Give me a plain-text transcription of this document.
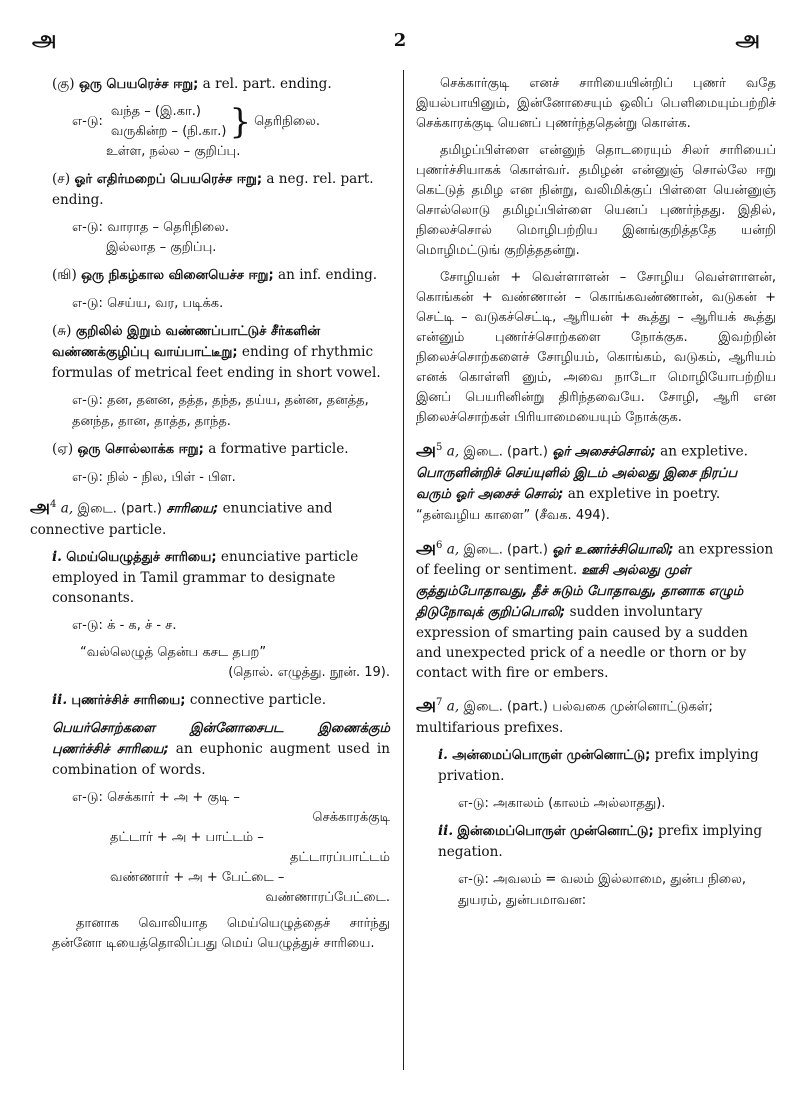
அ	2	அ

(கு) ஒரு பெயரெச்ச ஈறு; a rel. part. ending.

எ-டு:
வந்த – (இ.கா.)
வருகின்ற – (நி.கா.) } தெரிநிலை.

உள்ள, நல்ல – குறிப்பு.

(ச) ஓர் எதிர்மறைப் பெயரெச்ச ஈறு; a neg. rel. part. ending.

எ-டு: வாராத – தெரிநிலை.

இல்லாத – குறிப்பு.

(ஙி) ஒரு நிகழ்கால வினையெச்ச ஈறு; an inf. ending.

எ-டு: செய்ய, வர, படிக்க.

(சு) குறிலில் இறும் வண்ணப்பாட்டுச் சீர்களின் வண்ணக்குழிப்பு வாய்பாட்டீறு; ending of rhythmic formulas of metrical feet ending in short vowel.

எ-டு: தன, தனன, தத்த, தந்த, தய்ய, தன்ன, தனத்த, தனந்த, தான, தாத்த, தாந்த.

(ஏ) ஒரு சொல்லாக்க ஈறு; a formative particle.

எ-டு: நில் - நில, பிள் - பிள.

அ$^4$ a, இடை. (part.) சாரியை; enunciative and connective particle.

i. மெய்யெழுத்துச் சாரியை; enunciative particle employed in Tamil grammar to designate consonants.

எ-டு: க் - க, ச் - ச.

“வல்லெழுத் தென்ப கசட தபற”

(தொல். எழுத்து. நூன். 19).

ii. புணர்ச்சிச் சாரியை; connective particle.

பெயர்சொற்களை இன்னோசைபட இணைக்கும் புணர்ச்சிச் சாரியை; an euphonic augment used in combination of words.

எ-டு: செக்கார் + அ + குடி –
செக்காரக்குடி
தட்டார் + அ + பாட்டம் –
தட்டாரப்பாட்டம்
வண்ணார் + அ + பேட்டை –
வண்ணாரப்பேட்டை.

தானாக வொலியாத மெய்யெழுத்தைச் சார்ந்து தன்னோ டியைத்தொலிப்பது மெய் யெழுத்துச் சாரியை.

செக்கார்குடி எனச் சாரியையின்றிப் புணர் வதே இயல்பாயினும், இன்னோசையும் ஒலிப் பெளிமையும்பற்றிச் செக்காரக்குடி யெனப் புணர்ந்ததென்று கொள்க.

தமிழப்பிள்ளை என்னுந் தொடரையும் சிலர் சாரியைப் புணர்ச்சியாகக் கொள்வர். தமிழன் என்னுஞ் சொல்லே ஈறு கெட்டுத் தமிழ என நின்று, வலிமிக்குப் பிள்ளை யென்னுஞ் சொல்லொடு தமிழப்பிள்ளை யெனப் புணர்ந்தது. இதில், நிலைச்சொல் மொழிபற்றிய இனங்குறித்ததே யன்றி மொழிமட்டுங் குறித்ததன்று.

சோழியன் + வெள்ளாளன் – சோழிய வெள்ளாளன், கொங்கன் + வண்ணான் – கொங்கவண்ணான், வடுகன் + செட்டி – வடுகச்செட்டி, ஆரியன் + கூத்து – ஆரியக் கூத்து என்னும் புணர்ச்சொற்களை நோக்குக. இவற்றின் நிலைச்சொற்களைச் சோழியம், கொங்கம், வடுகம், ஆரியம் எனக் கொள்ளி னும், அவை நாடோ மொழியோபற்றிய இனப் பெயரினின்று திரிந்தவையே. சோழி, ஆரி என நிலைச்சொற்கள் பிரியாமையையும் நோக்குக.

அ$^5$ a, இடை. (part.) ஓர் அசைச்சொல்; an expletive. பொருளின்றிச் செய்யுளில் இடம் அல்லது இசை நிரப்ப வரும் ஓர் அசைச் சொல்; an expletive in poetry. “தன்வழிய காளை” (சீவக. 494).

அ$^6$ a, இடை. (part.) ஓர் உணர்ச்சியொலி; an expression of feeling or sentiment. ஊசி அல்லது முள் குத்தும்போதாவது, தீச் சுடும் போதாவது, தானாக எழும் திடுநோவுக் குறிப்பொலி; sudden involuntary expression of smarting pain caused by a sudden and unexpected prick of a needle or thorn or by contact with fire or embers.

அ$^7$ a, இடை. (part.) பல்வகை முன்னொட்டுகள்; multifarious prefixes.

i. அன்மைப்பொருள் முன்னொட்டு; prefix implying privation.

எ-டு: அகாலம் (காலம் அல்லாதது).

ii. இன்மைப்பொருள் முன்னொட்டு; prefix implying negation.

எ-டு: அவலம் = வலம் இல்லாமை, துன்ப நிலை, துயரம், துன்பமாவன:
